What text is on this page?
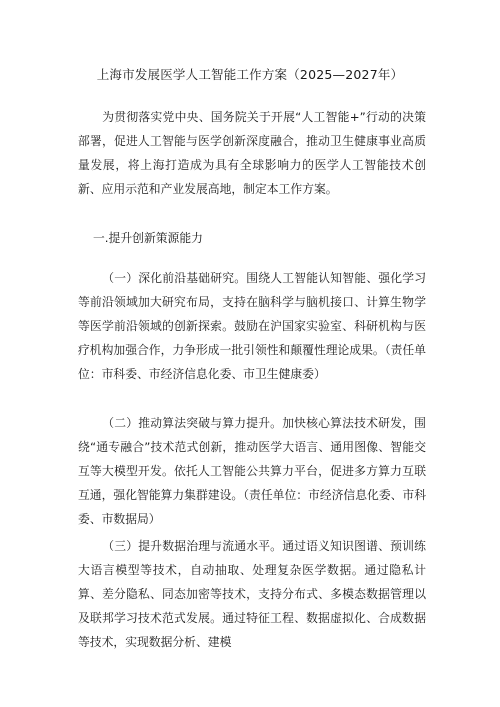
上海市发展医学人工智能工作方案（2025—2027年）

为贯彻落实党中央、国务院关于开展“人工智能+”行动的决策部署，促进人工智能与医学创新深度融合，推动卫生健康事业高质量发展，将上海打造成为具有全球影响力的医学人工智能技术创新、应用示范和产业发展高地，制定本工作方案。

一.提升创新策源能力

（一）深化前沿基础研究。围绕人工智能认知智能、强化学习等前沿领域加大研究布局，支持在脑科学与脑机接口、计算生物学等医学前沿领域的创新探索。鼓励在沪国家实验室、科研机构与医疗机构加强合作，力争形成一批引领性和颠覆性理论成果。（责任单位：市科委、市经济信息化委、市卫生健康委）

（二）推动算法突破与算力提升。加快核心算法技术研发，围绕“通专融合”技术范式创新，推动医学大语言、通用图像、智能交互等大模型开发。依托人工智能公共算力平台，促进多方算力互联互通，强化智能算力集群建设。（责任单位：市经济信息化委、市科委、市数据局）

（三）提升数据治理与流通水平。通过语义知识图谱、预训练大语言模型等技术，自动抽取、处理复杂医学数据。通过隐私计算、差分隐私、同态加密等技术，支持分布式、多模态数据管理以及联邦学习技术范式发展。通过特征工程、数据虚拟化、合成数据等技术，实现数据分析、建模
